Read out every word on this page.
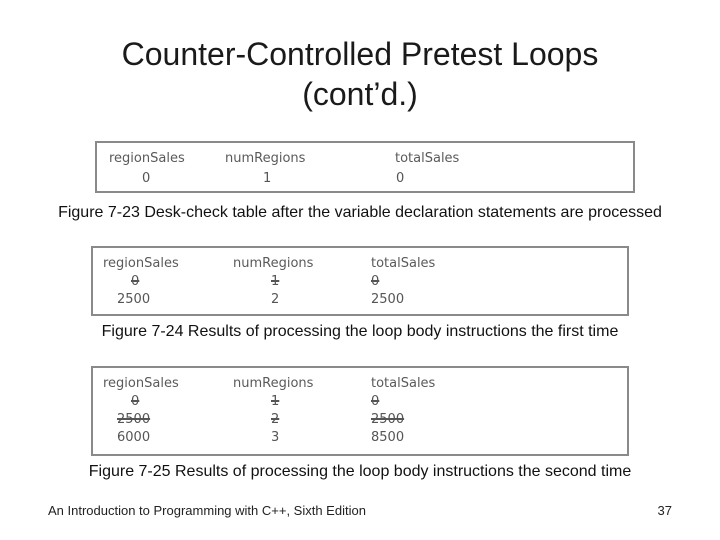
Counter-Controlled Pretest Loops
(cont’d.)
regionSales	numRegions	totalSales
0	1	0
Figure 7-23 Desk-check table after the variable declaration statements are processed
regionSales	numRegions	totalSales
0	1	0
2500	2	2500
Figure 7-24 Results of processing the loop body instructions the first time
regionSales	numRegions	totalSales
0	1	0
2500	2	2500
6000	3	8500
Figure 7-25 Results of processing the loop body instructions the second time
An Introduction to Programming with C++, Sixth Edition	37
